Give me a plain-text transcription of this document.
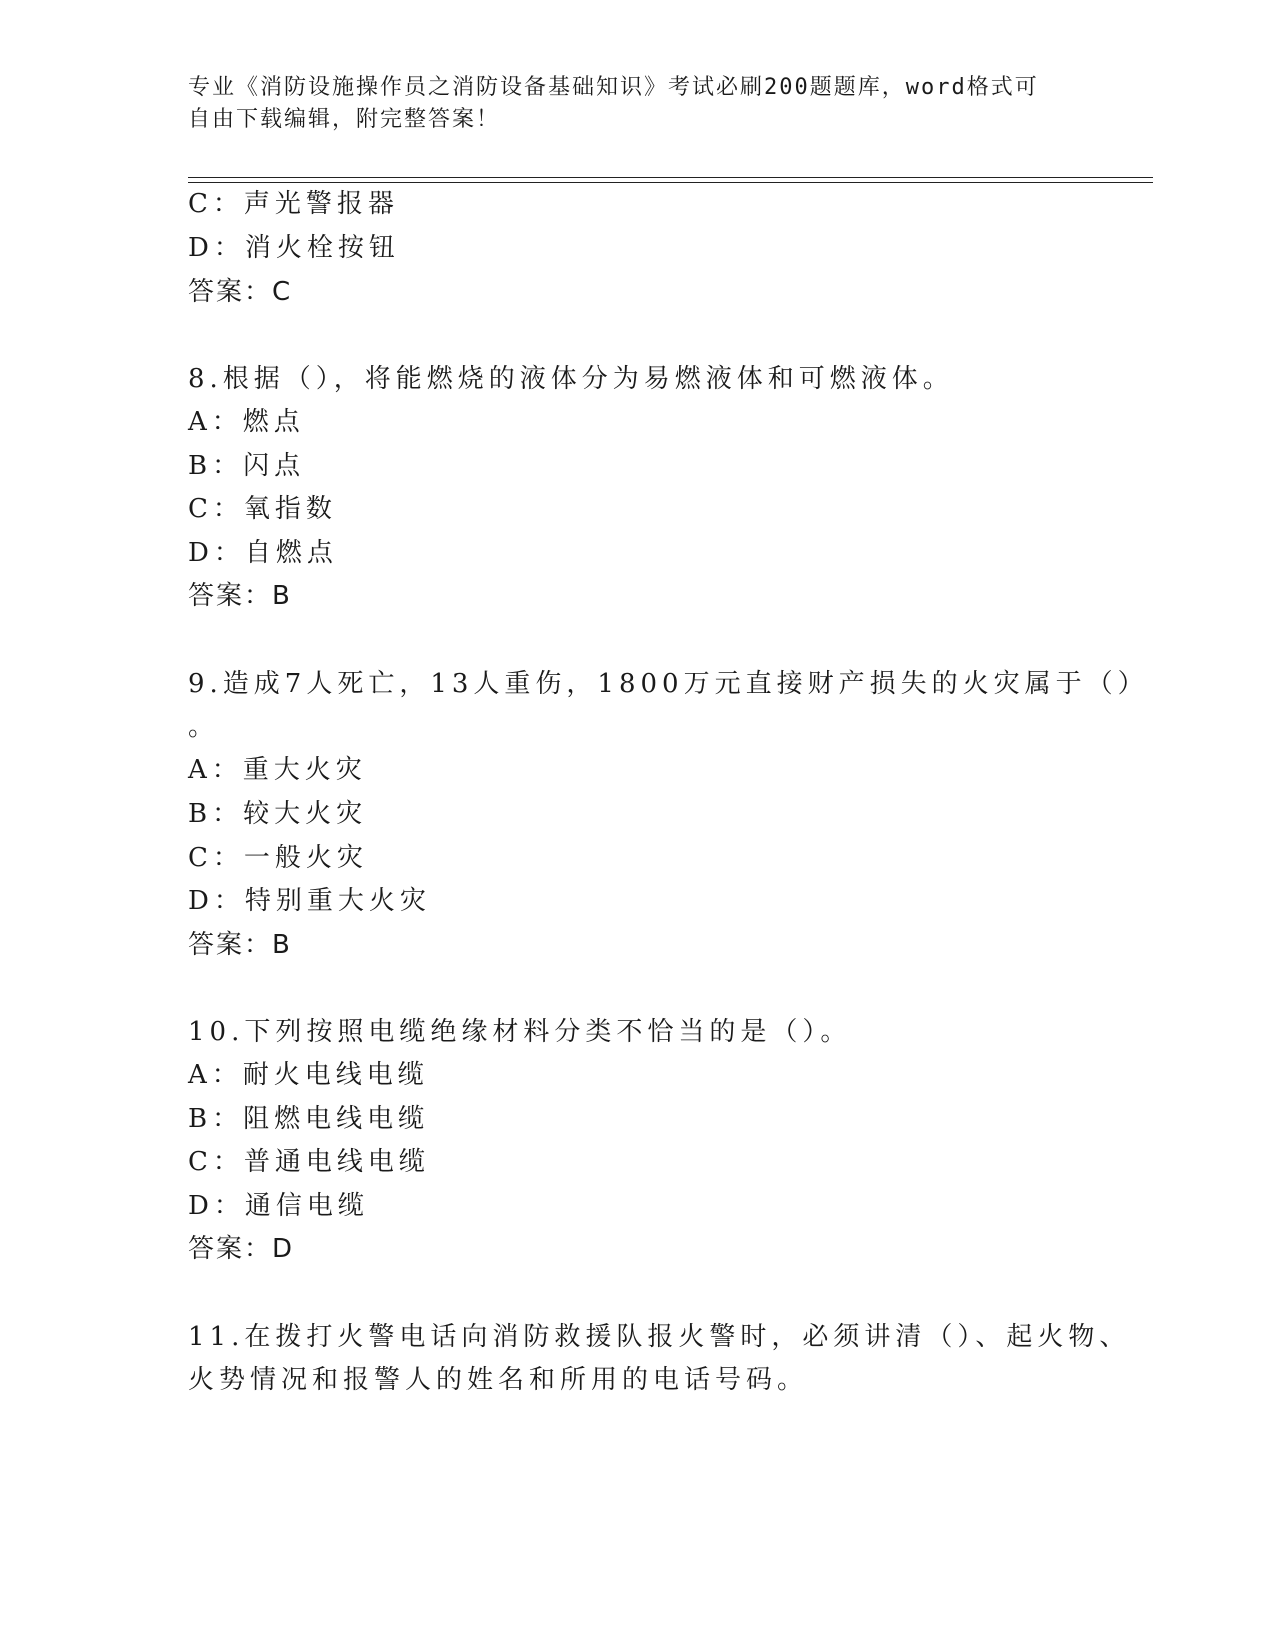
专业《消防设施操作员之消防设备基础知识》考试必刷200题题库，word格式可
自由下载编辑，附完整答案！
C：声光警报器
D：消火栓按钮
答案：C
8.根据（），将能燃烧的液体分为易燃液体和可燃液体。
A：燃点
B：闪点
C：氧指数
D：自燃点
答案：B
9.造成7人死亡，13人重伤，1800万元直接财产损失的火灾属于（）
。
A：重大火灾
B：较大火灾
C：一般火灾
D：特别重大火灾
答案：B
10.下列按照电缆绝缘材料分类不恰当的是（）。
A：耐火电线电缆
B：阻燃电线电缆
C：普通电线电缆
D：通信电缆
答案：D
11.在拨打火警电话向消防救援队报火警时，必须讲清（）、起火物、
火势情况和报警人的姓名和所用的电话号码。
